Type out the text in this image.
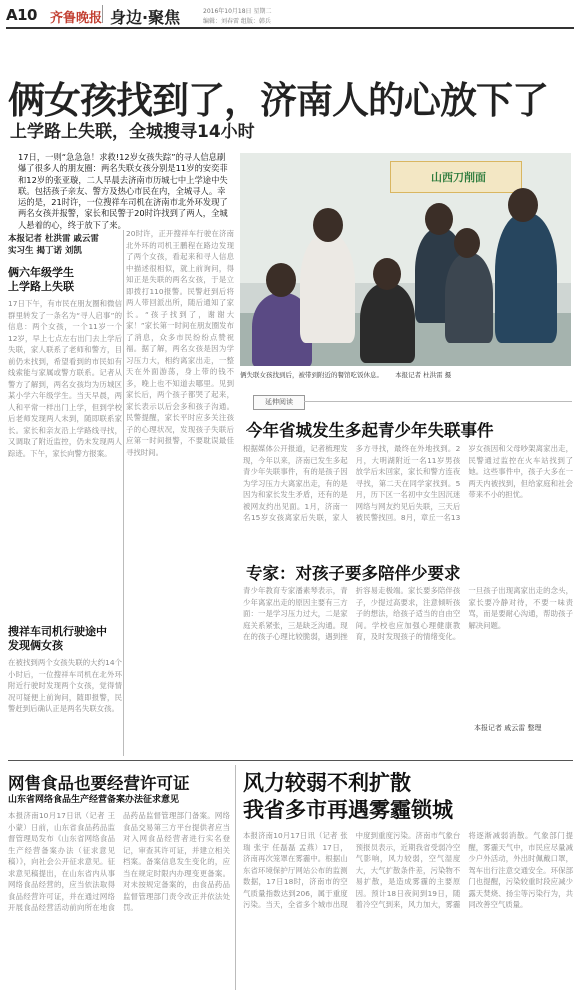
A10 齐鲁晚报 身边·聚焦	2016年10月18日 星期二
编辑：刘春雷 组版：韩兵
俩女孩找到了，济南人的心放下了
上学路上失联，全城搜寻14小时
17日，一则“急急急！求救!12岁女孩失踪”的寻人信息刷爆了很多人的朋友圈：两名失联女孩分别是11岁的安奕菲和12岁的张亚璇，二人早晨去济南市历城七中上学途中失联。包括孩子亲友、警方及热心市民在内，全城寻人。幸运的是，21时许，一位搜祥车司机在济南市北外环发现了两名女孩并报警，家长和民警于20时许找到了两人，全城人悬着的心，终于放下了来。
本报记者 杜洪雷 戚云雷
实习生 揭丁诺 刘凯
俩六年级学生
上学路上失联
17日下午，有市民在朋友圈和微信群里转发了一条名为“寻人启事”的信息：两个女孩，一个11岁一个12岁，早上七点左右出门去上学后失联，家人联系了老师和警方，目前仍未找到，希望看到的市民如有线索能与家属或警方联系。记者从警方了解到，两名女孩均为历城区某小学六年级学生。当天早晨，两人和平常一样出门上学，但到学校后老师发现两人未到，随即联系家长。家长和亲友沿上学路线寻找，又调取了附近监控，仍未发现两人踪迹。下午，家长向警方报案。
搜祥车司机行驶途中
发现俩女孩
在被找到两个女孩失联的大约14个小时后，一位搜祥车司机在北外环附近行驶时发现两个女孩，觉得情况可疑便上前询问，随即报警，民警赶到后确认正是两名失联女孩。
20时许，正开搜祥车行驶在济南北外环的司机王鹏程在路边发现了两个女孩，看起来和寻人信息中描述很相似，就上前询问，得知正是失联的两名女孩，于是立即拨打110报警。民警赶到后将两人带回派出所，随后通知了家长。“孩子找到了，谢谢大家！”家长第一时间在朋友圈发布了消息，众多市民纷纷点赞祝福。据了解，两名女孩是因为学习压力大，相约离家出走，一整天在外面游荡，身上带的钱不多，晚上也不知道去哪里。见到家长后，两个孩子都哭了起来，家长表示以后会多和孩子沟通。民警提醒，家长平时应多关注孩子的心理状况，发现孩子失联后应第一时间报警，不要耽误最佳寻找时间。
山西刀削面
俩失联女孩找到后，被带到附近的餐馆吃饭休息。 本报记者 杜洪雷 摄
延伸阅读
今年省城发生多起青少年失联事件
根据媒体公开报道，记者梳理发现，今年以来，济南已发生多起青少年失联事件，有的是孩子因为学习压力大离家出走，有的是因为和家长发生矛盾，还有的是被网友约出见面。1月，济南一名15岁女孩离家后失联，家人多方寻找，最终在外地找到。2月，大明湖附近一名11岁男孩放学后未回家，家长和警方连夜寻找，第二天在同学家找到。5月，历下区一名初中女生因沉迷网络与网友约见后失联，三天后被民警找回。8月，章丘一名13岁女孩因和父母吵架离家出走，民警通过监控在火车站找到了她。这些事件中，孩子大多在一两天内被找到，但给家庭和社会带来不小的担忧。
专家：对孩子要多陪伴少要求
青少年教育专家潘素琴表示，青少年离家出走的原因主要有三方面：一是学习压力过大，二是家庭关系紧张，三是缺乏沟通。现在的孩子心理比较脆弱，遇到挫折容易走极端。家长要多陪伴孩子，少提过高要求，注意倾听孩子的想法，给孩子适当的自由空间。学校也应加强心理健康教育，及时发现孩子的情绪变化。一旦孩子出现离家出走的念头，家长要冷静对待，不要一味责骂，而是要耐心沟通，帮助孩子解决问题。
本报记者 戚云雷 整理
网售食品也要经营许可证
山东省网络食品生产经营备案办法征求意见
本报济南10月17日讯（记者 王小蒙）日前，山东省食品药品监督管理局发布《山东省网络食品生产经营备案办法（征求意见稿）》，向社会公开征求意见。征求意见稿提出，在山东省内从事网络食品经营的，应当依法取得食品经营许可证，并在通过网络开展食品经营活动前向所在地食品药品监督管理部门备案。网络食品交易第三方平台提供者应当对入网食品经营者进行实名登记，审查其许可证，并建立相关档案。备案信息发生变化的，应当在规定时限内办理变更备案。对未按规定备案的，由食品药品监督管理部门责令改正并依法处罚。
风力较弱不利扩散
我省多市再遇雾霾锁城
本报济南10月17日讯（记者 张瑞 张宇 任磊磊 孟燕）17日，济南再次笼罩在雾霾中。根据山东省环境保护厅网站公布的监测数据，17日18时，济南市的空气质量指数达到206，属于重度污染。当天，全省多个城市出现中度到重度污染。济南市气象台预报员表示，近期我省受弱冷空气影响，风力较弱，空气湿度大，大气扩散条件差，污染物不易扩散，是造成雾霾的主要原因。预计18日夜间到19日，随着冷空气到来，风力加大，雾霾将逐渐减弱消散。气象部门提醒，雾霾天气中，市民应尽量减少户外活动，外出时佩戴口罩，驾车出行注意交通安全。环保部门也提醒，污染较重时段应减少露天焚烧、扬尘等污染行为，共同改善空气质量。
